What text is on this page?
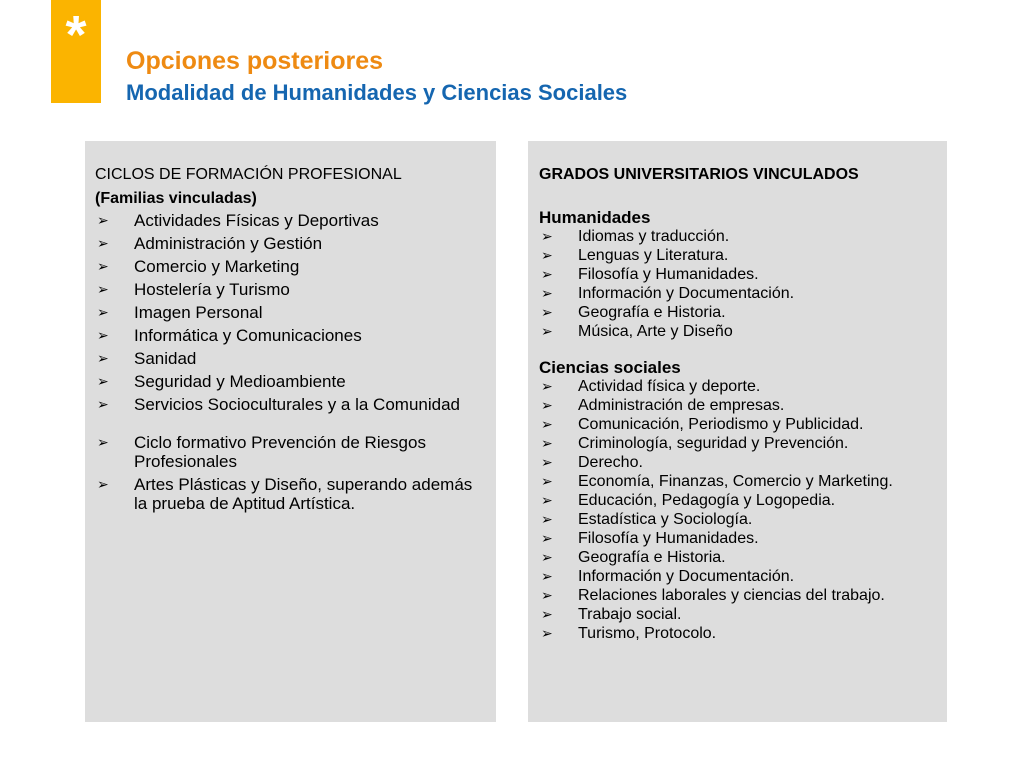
*	Opciones posteriores
Modalidad de Humanidades y Ciencias Sociales
CICLOS DE FORMACIÓN PROFESIONAL
(Familias vinculadas)
➢ Actividades Físicas y Deportivas
➢ Administración y Gestión
➢ Comercio y Marketing
➢ Hostelería y Turismo
➢ Imagen Personal
➢ Informática y Comunicaciones
➢ Sanidad
➢ Seguridad y Medioambiente
➢ Servicios Socioculturales y a la Comunidad
➢ Ciclo formativo Prevención de Riesgos Profesionales
➢ Artes Plásticas y Diseño, superando además la prueba de Aptitud Artística.
GRADOS UNIVERSITARIOS VINCULADOS
Humanidades
➢ Idiomas y traducción.
➢ Lenguas y Literatura.
➢ Filosofía y Humanidades.
➢ Información y Documentación.
➢ Geografía e Historia.
➢ Música, Arte y Diseño
Ciencias sociales
➢ Actividad física y deporte.
➢ Administración de empresas.
➢ Comunicación, Periodismo y Publicidad.
➢ Criminología, seguridad y Prevención.
➢ Derecho.
➢ Economía, Finanzas, Comercio y Marketing.
➢ Educación, Pedagogía y Logopedia.
➢ Estadística y Sociología.
➢ Filosofía y Humanidades.
➢ Geografía e Historia.
➢ Información y Documentación.
➢ Relaciones laborales y ciencias del trabajo.
➢ Trabajo social.
➢ Turismo, Protocolo.
